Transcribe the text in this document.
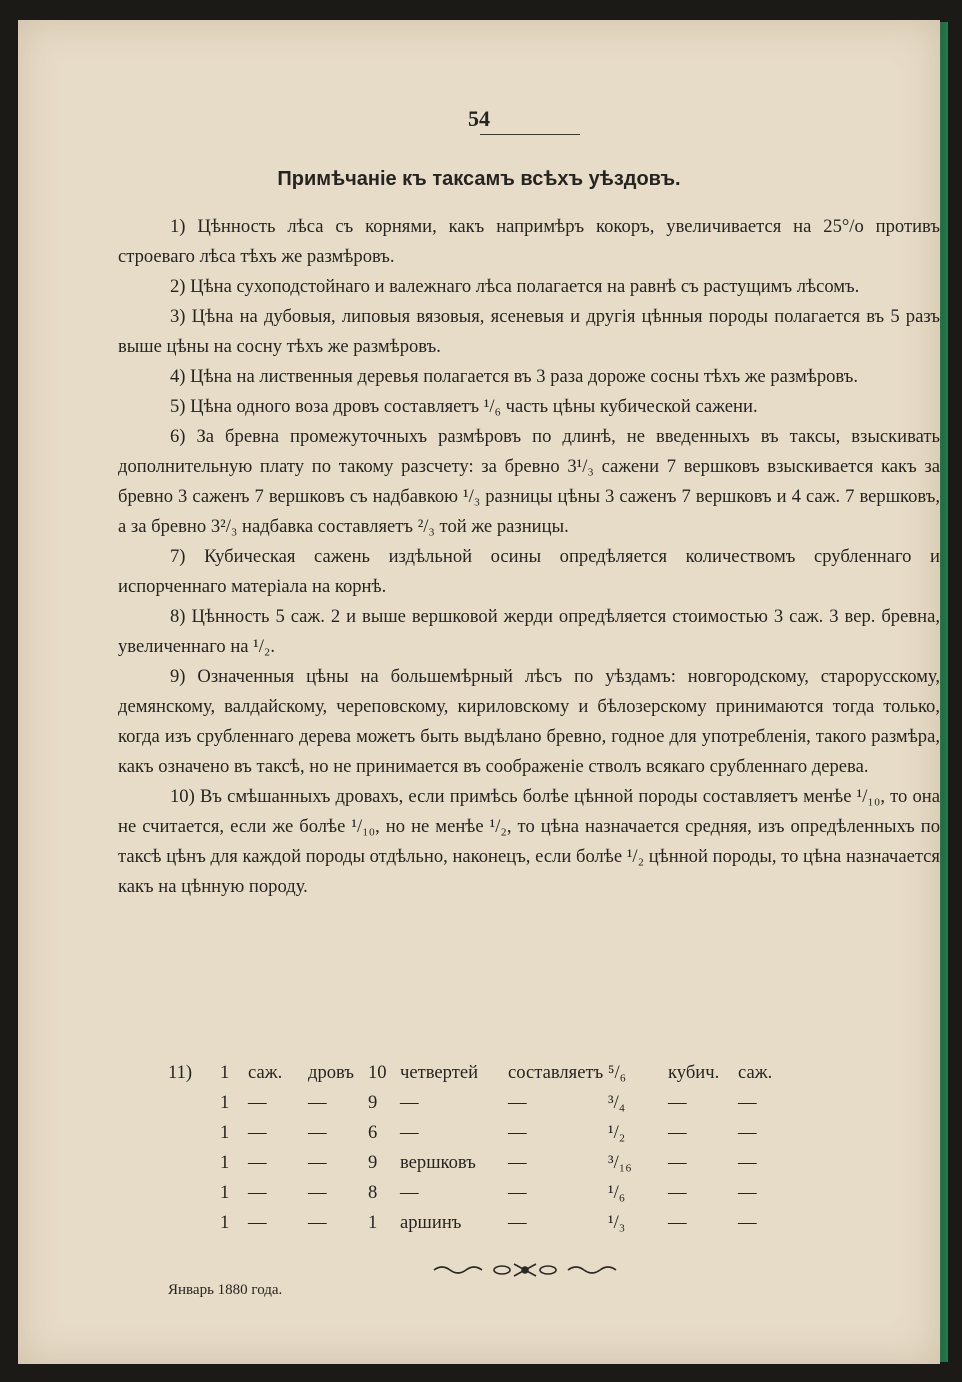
54
Примѣчаніе къ таксамъ всѣхъ уѣздовъ.

1) Цѣнность лѣса съ корнями, какъ напримѣръ кокоръ, увеличивается на 25°/о противъ строеваго лѣса тѣхъ же размѣровъ.

2) Цѣна сухоподстойнаго и валежнаго лѣса полагается на равнѣ съ растущимъ лѣсомъ.

3) Цѣна на дубовыя, липовыя вязовыя, ясеневыя и другія цѣнныя породы полагается въ 5 разъ выше цѣны на сосну тѣхъ же размѣровъ.

4) Цѣна на лиственныя деревья полагается въ 3 раза дороже сосны тѣхъ же размѣровъ.

5) Цѣна одного воза дровъ составляетъ ¹/₆ часть цѣны кубической сажени.

6) За бревна промежуточныхъ размѣровъ по длинѣ, не введенныхъ въ таксы, взыскивать дополнительную плату по такому разсчету: за бревно 3¹/₃ сажени 7 вершковъ взыскивается какъ за бревно 3 саженъ 7 вершковъ съ надбавкою ¹/₃ разницы цѣны 3 саженъ 7 вершковъ и 4 саж. 7 вершковъ, а за бревно 3²/₃ надбавка составляетъ ²/₃ той же разницы.

7) Кубическая сажень издѣльной осины опредѣляется количествомъ срубленнаго и испорченнаго матеріала на корнѣ.

8) Цѣнность 5 саж. 2 и выше вершковой жерди опредѣляется стоимостью 3 саж. 3 вер. бревна, увеличеннаго на ¹/₂.

9) Означенныя цѣны на большемѣрный лѣсъ по уѣздамъ: новгородскому, старорусскому, демянскому, валдайскому, череповскому, кириловскому и бѣлозерскому принимаются тогда только, когда изъ срубленнаго дерева можетъ быть выдѣлано бревно, годное для употребленія, такого размѣра, какъ означено въ таксѣ, но не принимается въ соображеніе стволъ всякаго срубленнаго дерева.

10) Въ смѣшанныхъ дровахъ, если примѣсь болѣе цѣнной породы составляетъ менѣе ¹/₁₀, то она не считается, если же болѣе ¹/₁₀, но не менѣе ¹/₂, то цѣна назначается средняя, изъ опредѣленныхъ по таксѣ цѣнъ для каждой породы отдѣльно, наконецъ, если болѣе ¹/₂ цѣнной породы, то цѣна назначается какъ на цѣнную породу.

11) 1 саж. дровъ 10 четвертей составляетъ ⁵/₆ кубич. саж.
1 — — 9 —	—	³/₄ —	—
1 — — 6 —	—	¹/₂ —	—
1 — — 9 вершковъ —	³/₁₆ —	—
1 — — 8 —	—	¹/₆ —	—
1 — — 1 аршинъ	—	¹/₃ —	—
Январь 1880 года.
